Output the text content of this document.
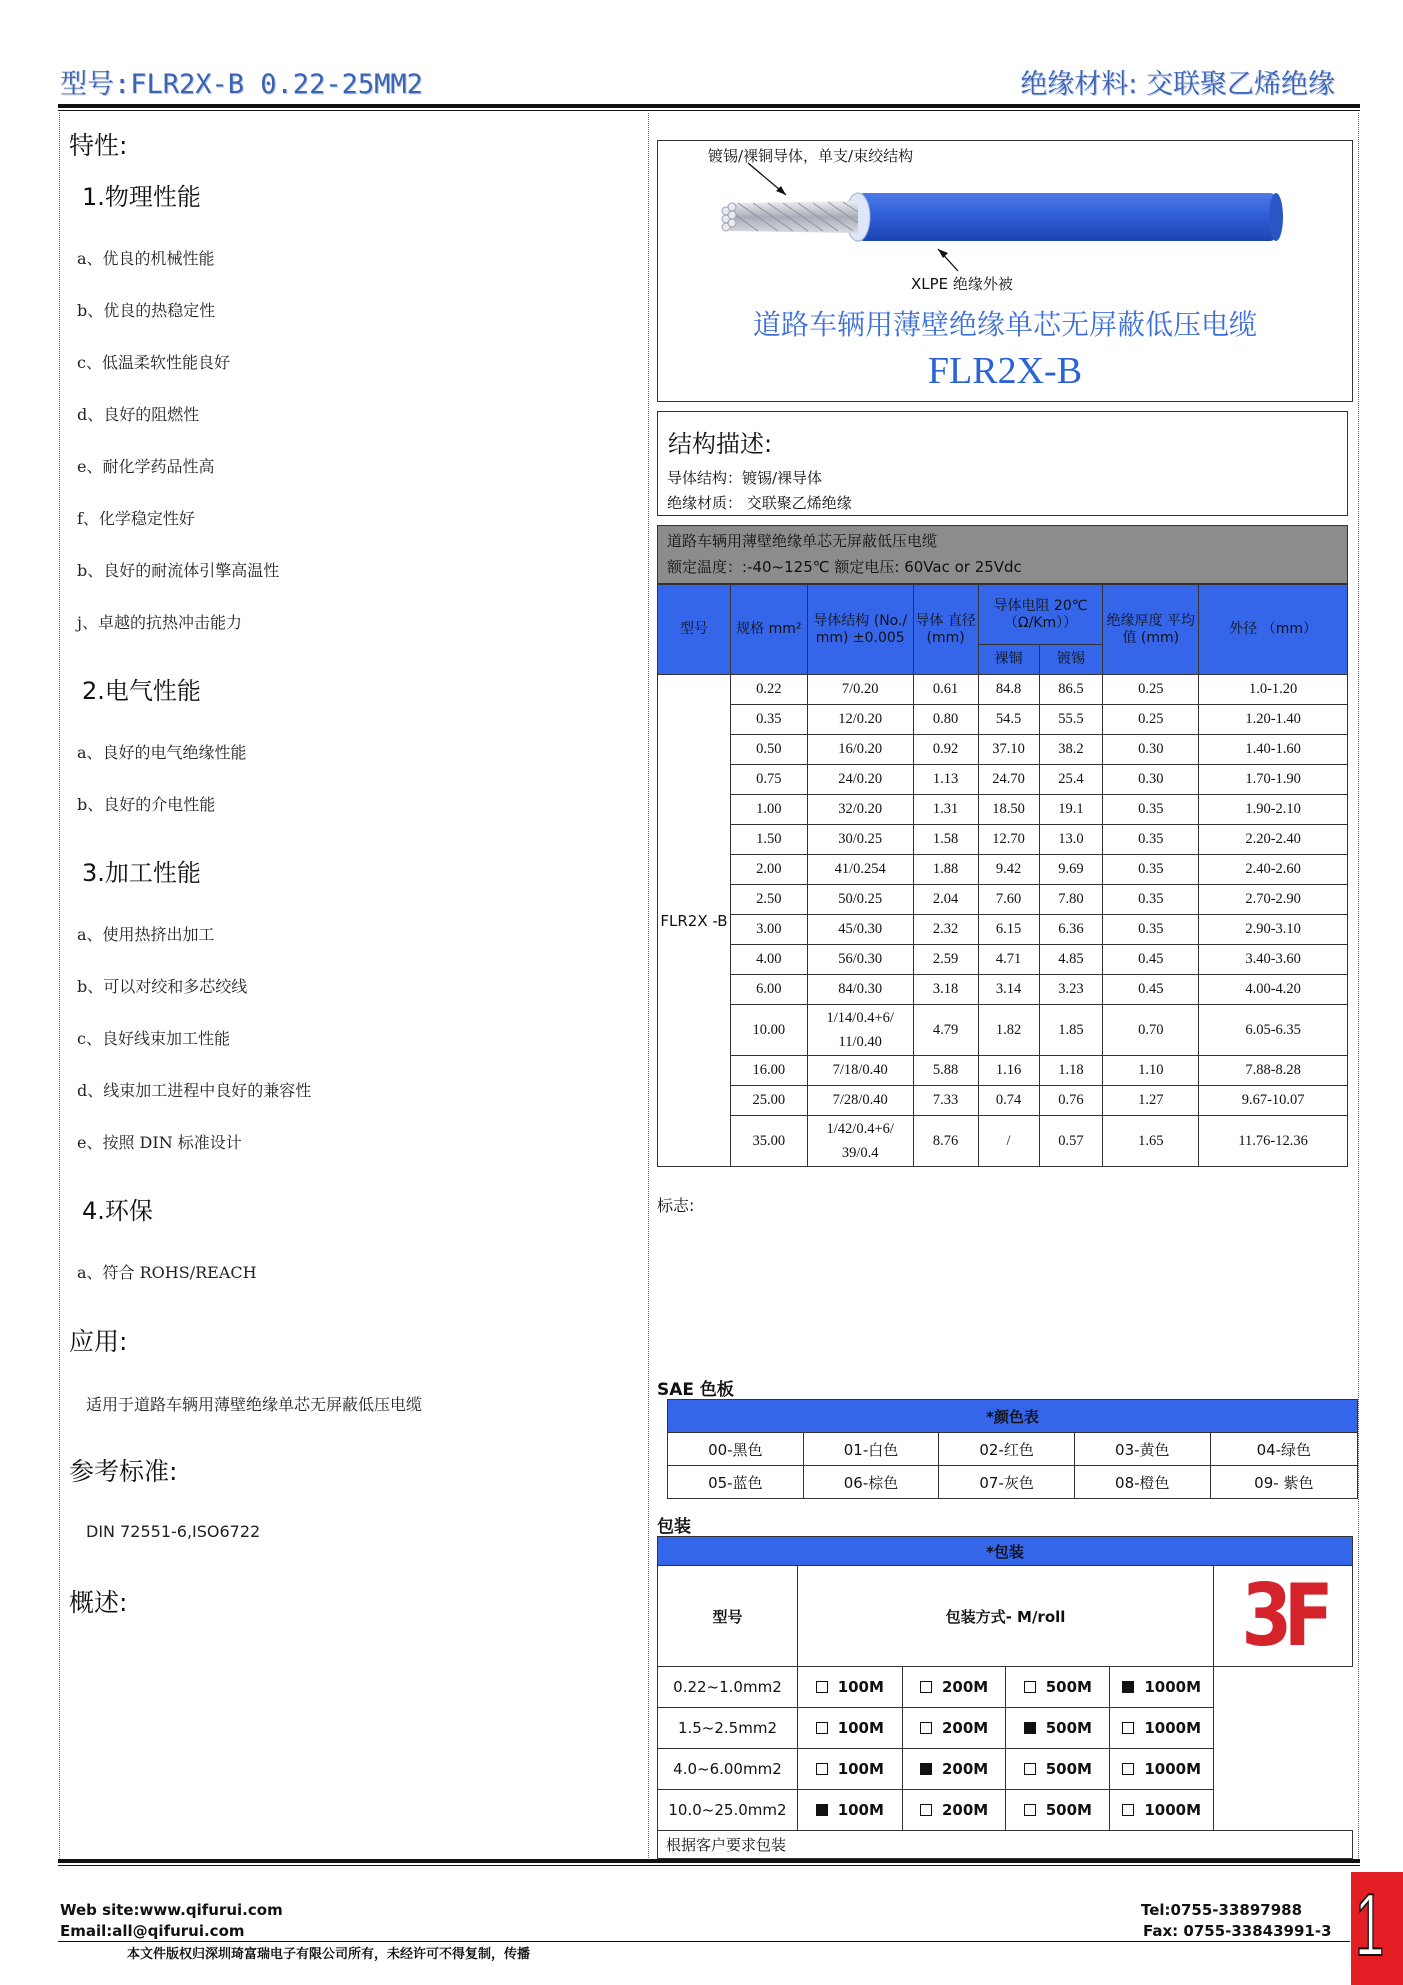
型号:FLR2X-B 0.22-25MM2	绝缘材料: 交联聚乙烯绝缘
特性:
1.物理性能
a、优良的机械性能
b、优良的热稳定性
c、低温柔软性能良好
d、良好的阻燃性
e、耐化学药品性高
f、化学稳定性好
b、良好的耐流体引擎高温性
j、卓越的抗热冲击能力
2.电气性能
a、良好的电气绝缘性能
b、良好的介电性能
3.加工性能
a、使用热挤出加工
b、可以对绞和多芯绞线
c、良好线束加工性能
d、线束加工进程中良好的兼容性
e、按照 DIN 标准设计
4.环保
a、符合 ROHS/REACH
应用:
适用于道路车辆用薄壁绝缘单芯无屏蔽低压电缆
参考标准:
DIN 72551-6,ISO6722
概述:
镀锡/裸铜导体，单支/束绞结构
XLPE 绝缘外被
道路车辆用薄壁绝缘单芯无屏蔽低压电缆
FLR2X-B
结构描述:
导体结构：镀锡/裸导体
绝缘材质： 交联聚乙烯绝缘
道路车辆用薄壁绝缘单芯无屏蔽低压电缆
额定温度：:-40~125℃ 额定电压: 60Vac or 25Vdc
型号	规格 mm²	导体结构 (No./ mm) ±0.005	导体 直径 (mm)	导体电阻 20℃ （Ω/Km））		绝缘厚度 平均值 (mm)	外径 （mm）
				裸铜	镀锡		
FLR2X -B	0.22	7/0.20	0.61	84.8	86.5	0.25	1.0-1.20
	0.35	12/0.20	0.80	54.5	55.5	0.25	1.20-1.40
	0.50	16/0.20	0.92	37.10	38.2	0.30	1.40-1.60
	0.75	24/0.20	1.13	24.70	25.4	0.30	1.70-1.90
	1.00	32/0.20	1.31	18.50	19.1	0.35	1.90-2.10
	1.50	30/0.25	1.58	12.70	13.0	0.35	2.20-2.40
	2.00	41/0.254	1.88	9.42	9.69	0.35	2.40-2.60
	2.50	50/0.25	2.04	7.60	7.80	0.35	2.70-2.90
	3.00	45/0.30	2.32	6.15	6.36	0.35	2.90-3.10
	4.00	56/0.30	2.59	4.71	4.85	0.45	3.40-3.60
	6.00	84/0.30	3.18	3.14	3.23	0.45	4.00-4.20
	10.00	1/14/0.4+6/ 11/0.40	4.79	1.82	1.85	0.70	6.05-6.35
	16.00	7/18/0.40	5.88	1.16	1.18	1.10	7.88-8.28
	25.00	7/28/0.40	7.33	0.74	0.76	1.27	9.67-10.07
	35.00	1/42/0.4+6/ 39/0.4	8.76	/	0.57	1.65	11.76-12.36
标志:
SAE 色板
*颜色表				
00-黑色	01-白色	02-红色	03-黄色	04-绿色
05-蓝色	06-棕色	07-灰色	08-橙色	09- 紫色
包装
*包装
型号	包装方式- M/roll	3F
0.22~1.0mm2	100M	200M	500M	1000M
1.5~2.5mm2	100M	200M	500M	1000M
4.0~6.00mm2	100M	200M	500M	1000M
10.0~25.0mm2	100M	200M	500M	1000M
根据客户要求包装
Web site:www.qifurui.com
Email:all@qifurui.com
Tel:0755-33897988
Fax: 0755-33843991-3
本文件版权归深圳琦富瑞电子有限公司所有，未经许可不得复制，传播	1
